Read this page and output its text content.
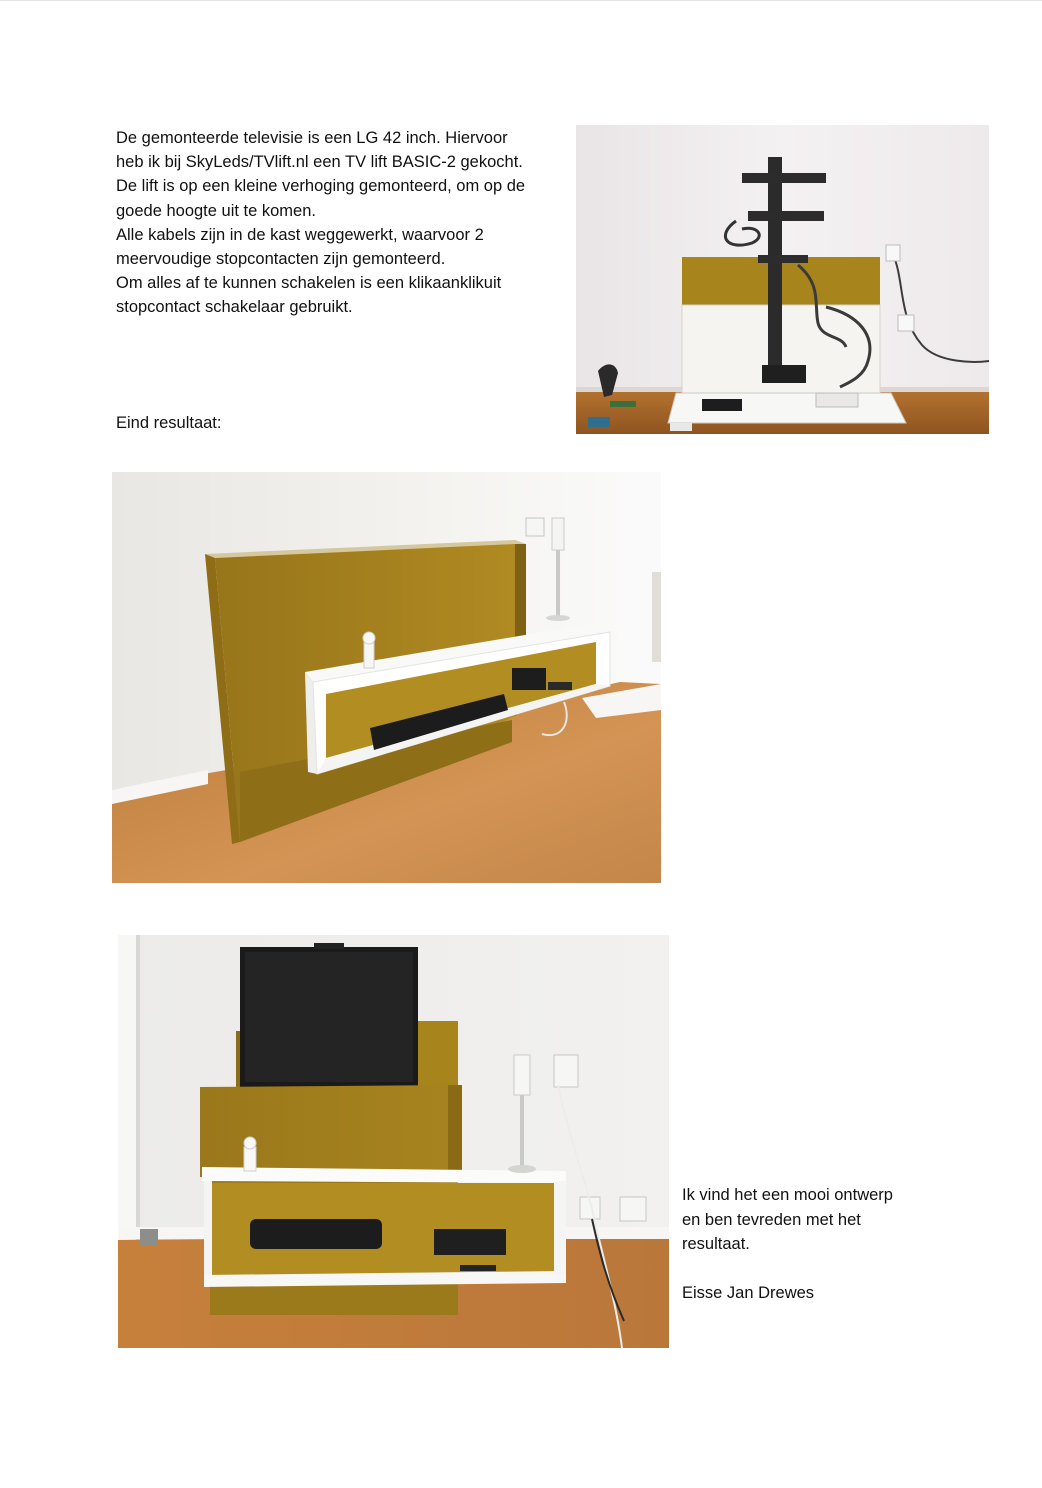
De gemonteerde televisie is een LG 42 inch. Hiervoor

heb ik bij SkyLeds/TVlift.nl een TV lift BASIC-2 gekocht.

De lift is op een kleine verhoging gemonteerd, om op de

goede hoogte uit te komen.

Alle kabels zijn in de kast weggewerkt, waarvoor 2

meervoudige stopcontacten zijn gemonteerd.

Om alles af te kunnen schakelen is een klikaanklikuit

stopcontact schakelaar gebruikt.

Eind resultaat:

Ik vind het een mooi ontwerp

en ben tevreden met het

resultaat.

Eisse Jan Drewes
